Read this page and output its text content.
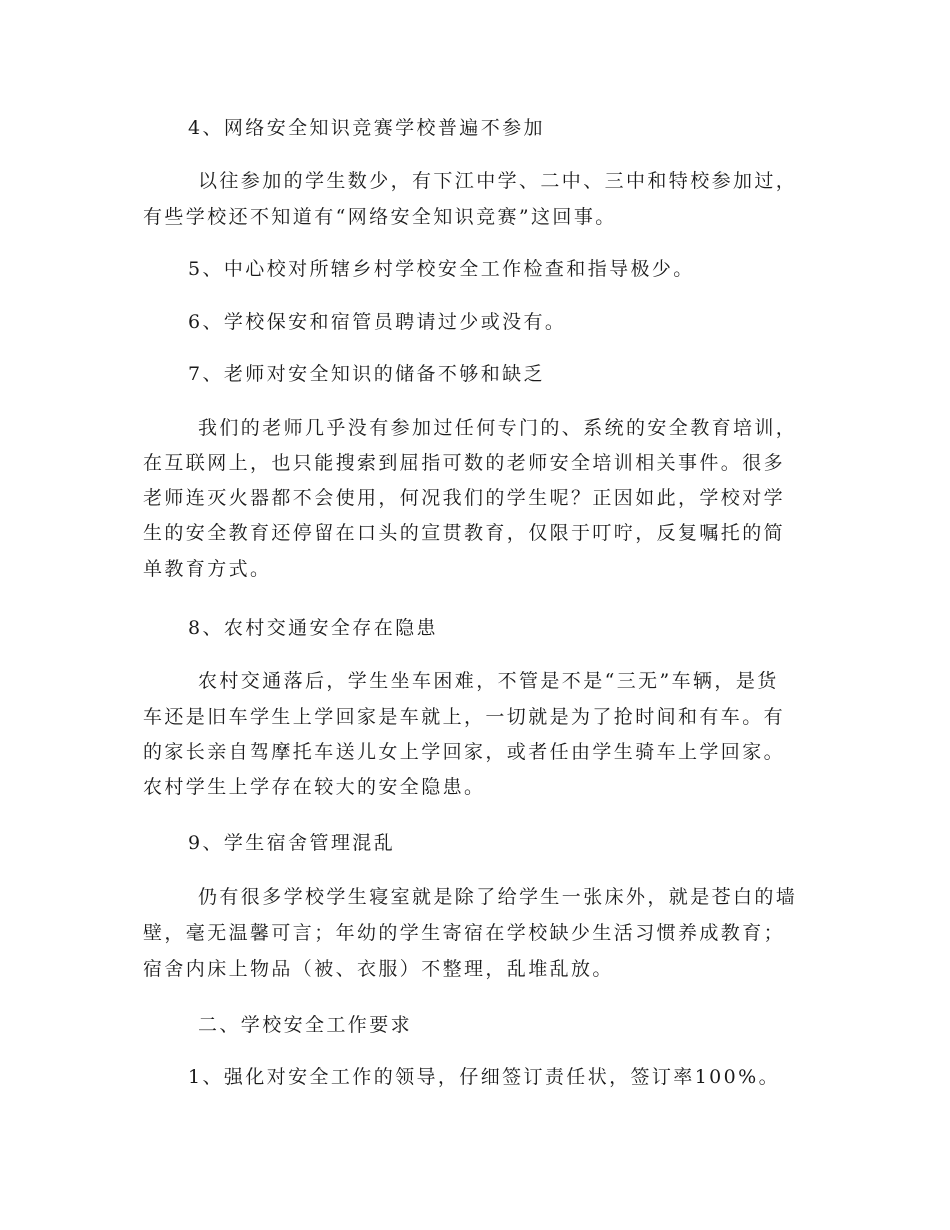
4、网络安全知识竞赛学校普遍不参加
以往参加的学生数少，有下江中学、二中、三中和特校参加过，
有些学校还不知道有“网络安全知识竞赛”这回事。
5、中心校对所辖乡村学校安全工作检查和指导极少。
6、学校保安和宿管员聘请过少或没有。
7、老师对安全知识的储备不够和缺乏
我们的老师几乎没有参加过任何专门的、系统的安全教育培训，
在互联网上，也只能搜索到屈指可数的老师安全培训相关事件。很多
老师连灭火器都不会使用，何况我们的学生呢？正因如此，学校对学
生的安全教育还停留在口头的宣贯教育，仅限于叮咛，反复嘱托的简
单教育方式。
8、农村交通安全存在隐患
农村交通落后，学生坐车困难，不管是不是“三无”车辆，是货
车还是旧车学生上学回家是车就上，一切就是为了抢时间和有车。有
的家长亲自驾摩托车送儿女上学回家，或者任由学生骑车上学回家。
农村学生上学存在较大的安全隐患。
9、学生宿舍管理混乱
仍有很多学校学生寝室就是除了给学生一张床外，就是苍白的墙
壁，毫无温馨可言；年幼的学生寄宿在学校缺少生活习惯养成教育；
宿舍内床上物品（被、衣服）不整理，乱堆乱放。
二、学校安全工作要求
1、强化对安全工作的领导，仔细签订责任状，签订率100%。
